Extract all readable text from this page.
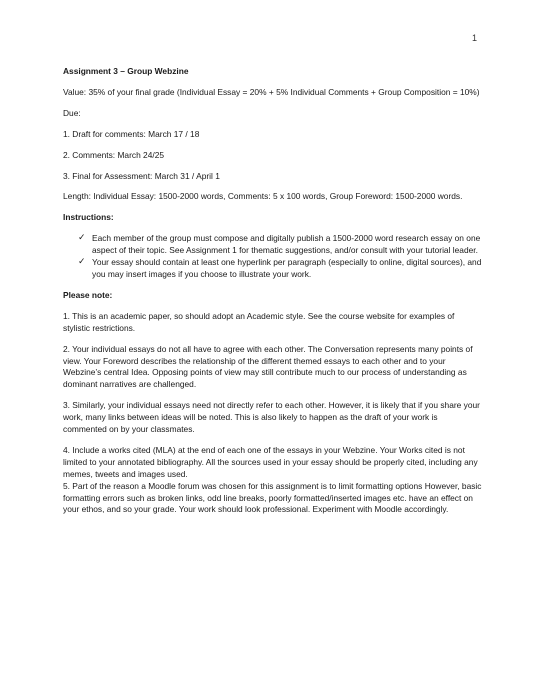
1

Assignment 3 – Group Webzine

Value: 35% of your final grade (Individual Essay = 20% + 5% Individual Comments + Group Composition = 10%)

Due:

1. Draft for comments: March 17 / 18

2. Comments: March 24/25

3. Final for Assessment: March 31 / April 1

Length: Individual Essay: 1500-2000 words, Comments: 5 x 100 words, Group Foreword: 1500-2000 words.

Instructions:

✓ Each member of the group must compose and digitally publish a 1500-2000 word research essay on one aspect of their topic. See Assignment 1 for thematic suggestions, and/or consult with your tutorial leader.
✓ Your essay should contain at least one hyperlink per paragraph (especially to online, digital sources), and you may insert images if you choose to illustrate your work.

Please note:

1. This is an academic paper, so should adopt an Academic style. See the course website for examples of stylistic restrictions.

2. Your individual essays do not all have to agree with each other. The Conversation represents many points of view. Your Foreword describes the relationship of the different themed essays to each other and to your Webzine’s central Idea. Opposing points of view may still contribute much to our process of understanding as dominant narratives are challenged.

3. Similarly, your individual essays need not directly refer to each other. However, it is likely that if you share your work, many links between ideas will be noted. This is also likely to happen as the draft of your work is commented on by your classmates.

4. Include a works cited (MLA) at the end of each one of the essays in your Webzine. Your Works cited is not limited to your annotated bibliography. All the sources used in your essay should be properly cited, including any memes, tweets and images used.

5. Part of the reason a Moodle forum was chosen for this assignment is to limit formatting options However, basic formatting errors such as broken links, odd line breaks, poorly formatted/inserted images etc. have an effect on your ethos, and so your grade. Your work should look professional. Experiment with Moodle accordingly.
